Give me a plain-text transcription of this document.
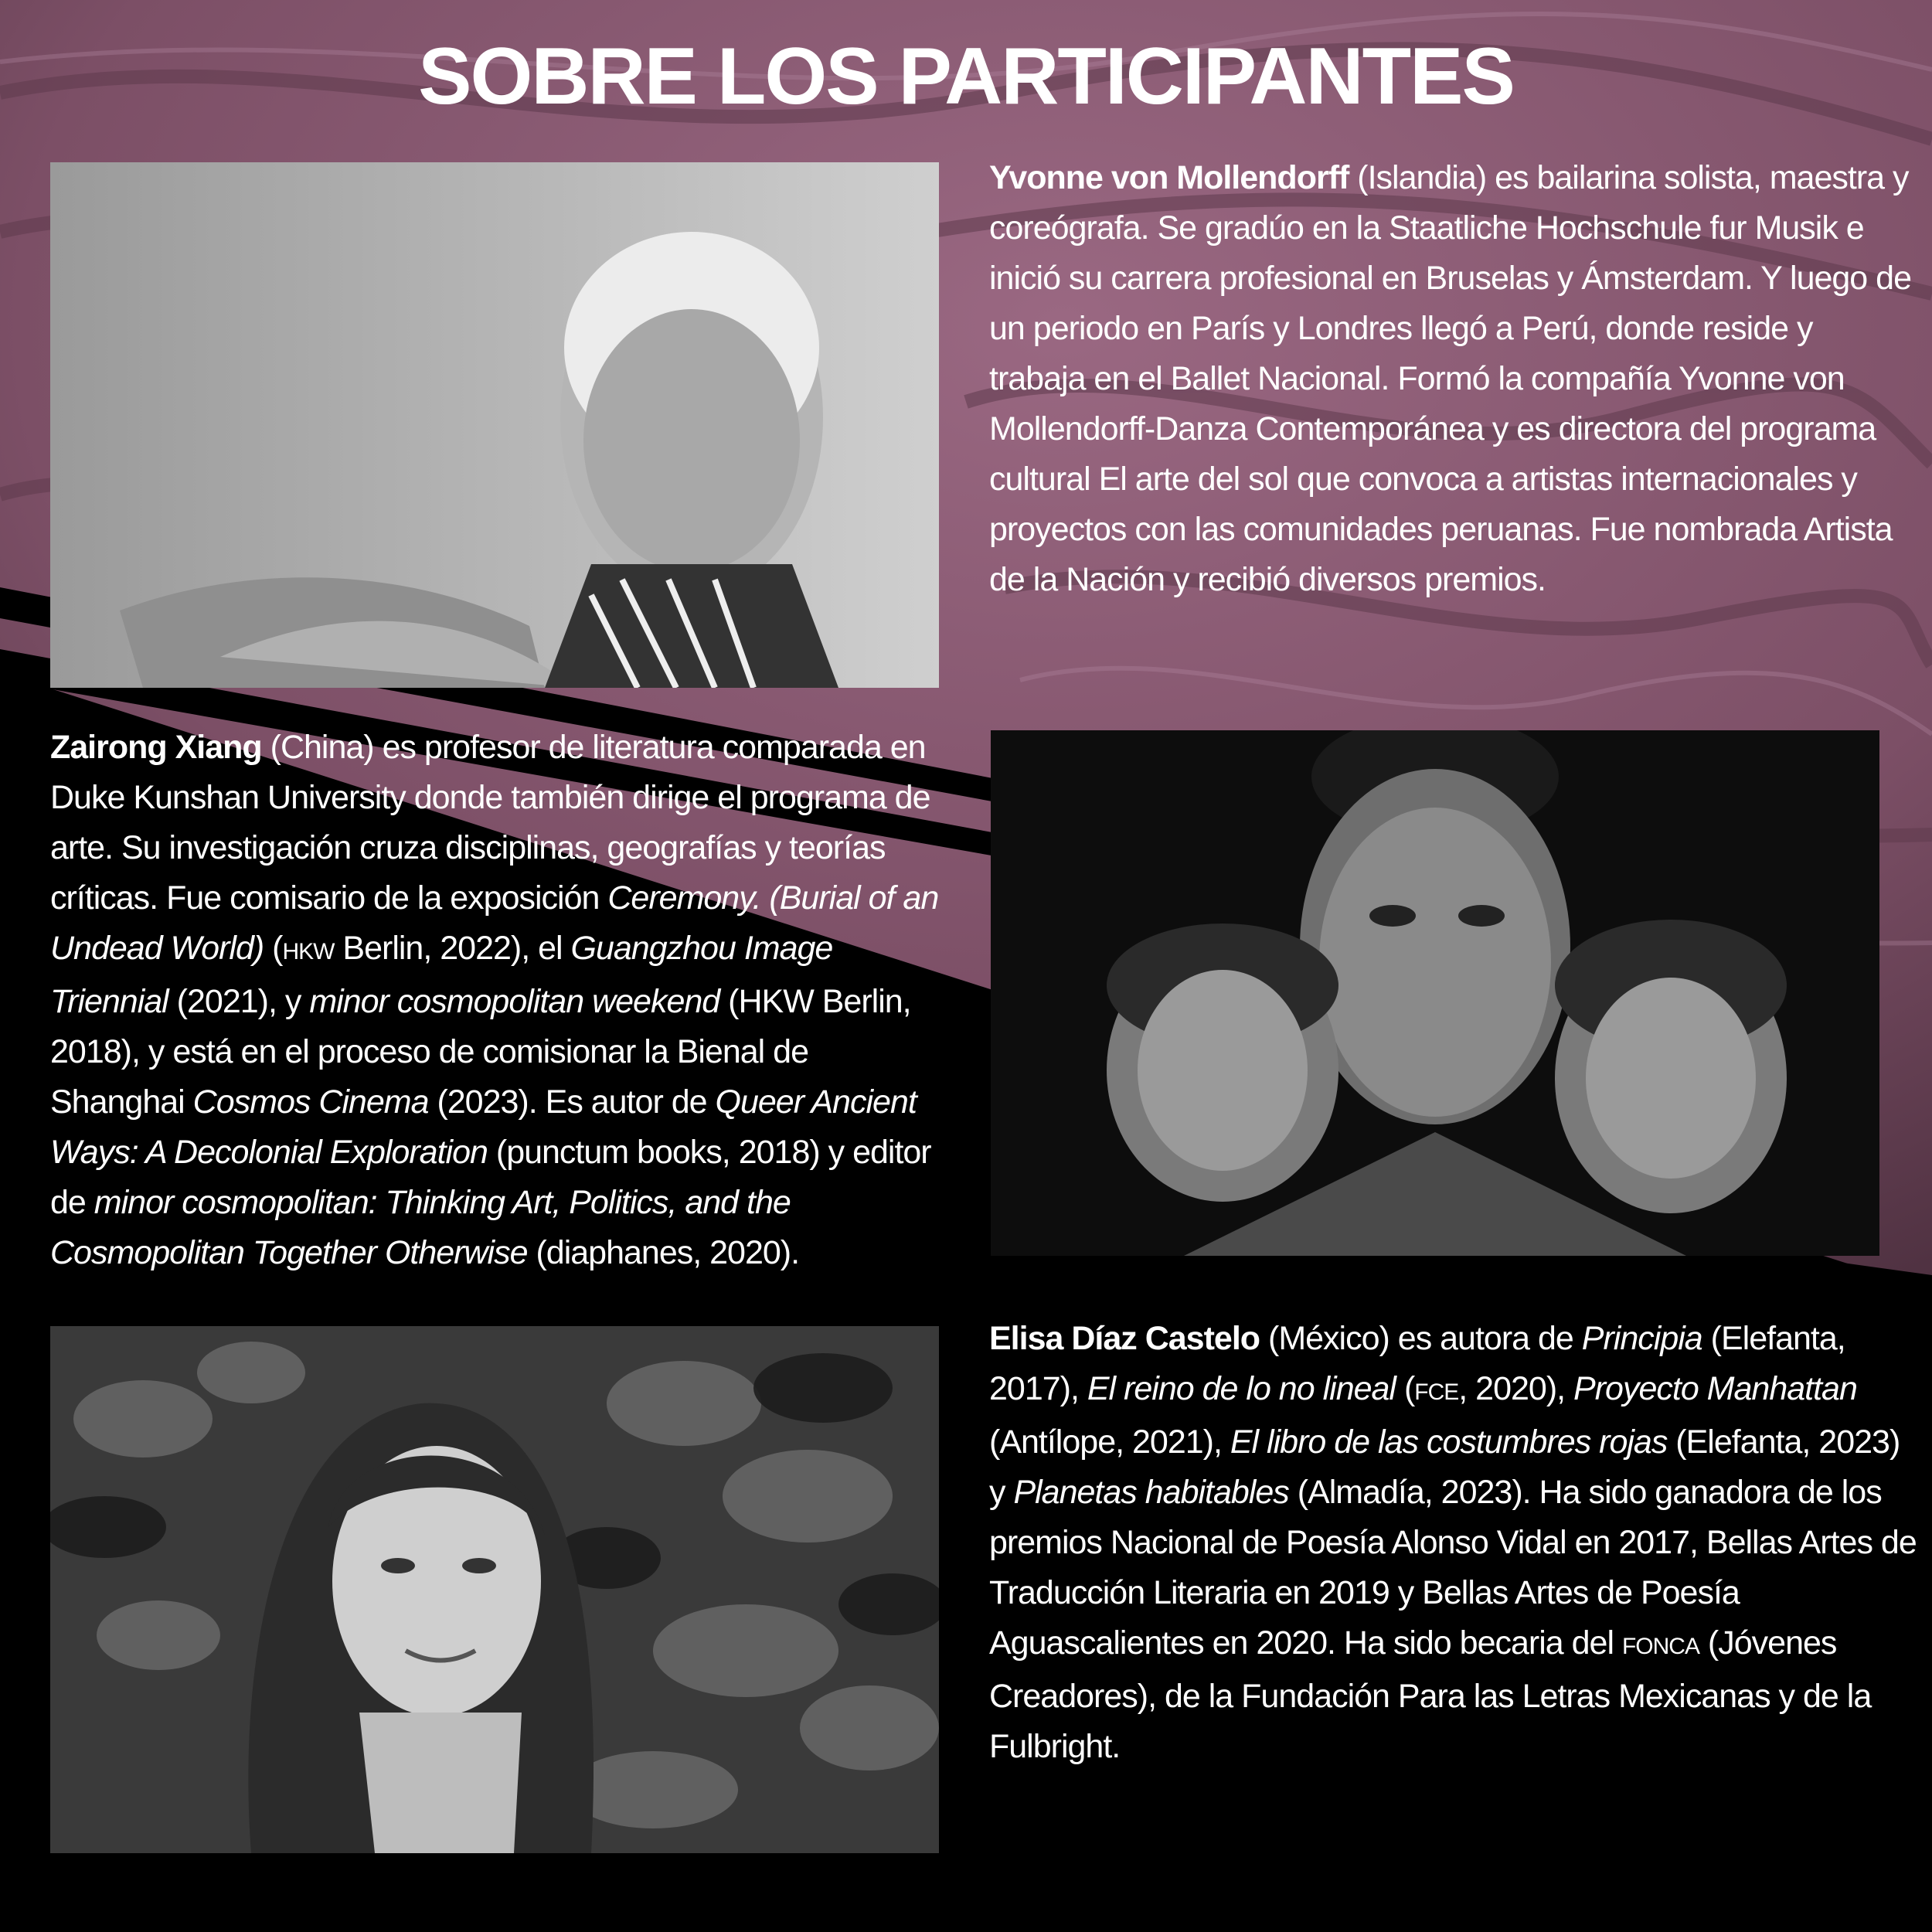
SOBRE LOS PARTICIPANTES

Yvonne von Mollendorff (Islandia) es bailarina solista, maestra y coreógrafa. Se gradúo en la Staatliche Hochschule fur Musik e inició su carrera profesional en Bruselas y Ámsterdam. Y luego de un periodo en París y Londres llegó a Perú, donde reside y trabaja en el Ballet Nacional. Formó la compañía Yvonne von Mollendorff-Danza Contemporánea y es directora del programa cultural El arte del sol que convoca a artistas internacionales y proyectos con las comunidades peruanas. Fue nombrada Artista de la Nación y recibió diversos premios.

Zairong Xiang (China) es profesor de literatura comparada en Duke Kunshan University donde también dirige el programa de arte. Su investigación cruza disciplinas, geografías y teorías críticas. Fue comisario de la exposición Ceremony. (Burial of an Undead World) (HKW Berlin, 2022), el Guangzhou Image Triennial (2021), y minor cosmopolitan weekend (HKW Berlin, 2018), y está en el proceso de comisionar la Bienal de Shanghai Cosmos Cinema (2023). Es autor de Queer Ancient Ways: A Decolonial Exploration (punctum books, 2018) y editor de minor cosmopolitan: Thinking Art, Politics, and the Cosmopolitan Together Otherwise (diaphanes, 2020).

Elisa Díaz Castelo (México) es autora de Principia (Elefanta, 2017), El reino de lo no lineal (FCE, 2020), Proyecto Manhattan (Antílope, 2021), El libro de las costumbres rojas (Elefanta, 2023) y Planetas habitables (Almadía, 2023). Ha sido ganadora de los premios Nacional de Poesía Alonso Vidal en 2017, Bellas Artes de Traducción Literaria en 2019 y Bellas Artes de Poesía Aguascalientes en 2020. Ha sido becaria del FONCA (Jóvenes Creadores), de la Fundación Para las Letras Mexicanas y de la Fulbright.
